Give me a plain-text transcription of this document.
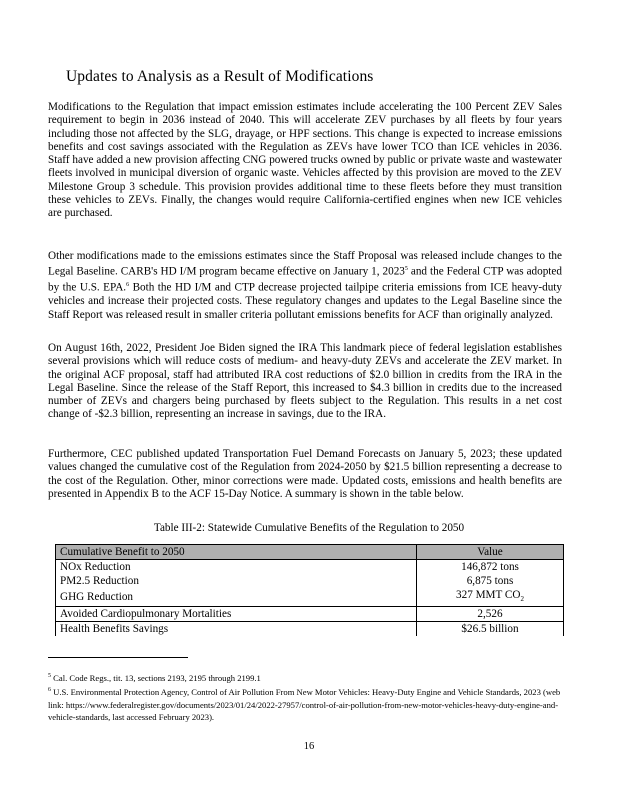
Updates to Analysis as a Result of Modifications

Modifications to the Regulation that impact emission estimates include accelerating the 100 Percent ZEV Sales requirement to begin in 2036 instead of 2040. This will accelerate ZEV purchases by all fleets by four years including those not affected by the SLG, drayage, or HPF sections. This change is expected to increase emissions benefits and cost savings associated with the Regulation as ZEVs have lower TCO than ICE vehicles in 2036. Staff have added a new provision affecting CNG powered trucks owned by public or private waste and wastewater fleets involved in municipal diversion of organic waste. Vehicles affected by this provision are moved to the ZEV Milestone Group 3 schedule. This provision provides additional time to these fleets before they must transition these vehicles to ZEVs. Finally, the changes would require California-certified engines when new ICE vehicles are purchased.

Other modifications made to the emissions estimates since the Staff Proposal was released include changes to the Legal Baseline. CARB's HD I/M program became effective on January 1, 2023$^5$ and the Federal CTP was adopted by the U.S. EPA.$^6$ Both the HD I/M and CTP decrease projected tailpipe criteria emissions from ICE heavy-duty vehicles and increase their projected costs. These regulatory changes and updates to the Legal Baseline since the Staff Report was released result in smaller criteria pollutant emissions benefits for ACF than originally analyzed.

On August 16th, 2022, President Joe Biden signed the IRA This landmark piece of federal legislation establishes several provisions which will reduce costs of medium- and heavy-duty ZEVs and accelerate the ZEV market. In the original ACF proposal, staff had attributed IRA cost reductions of $2.0 billion in credits from the IRA in the Legal Baseline. Since the release of the Staff Report, this increased to $4.3 billion in credits due to the increased number of ZEVs and chargers being purchased by fleets subject to the Regulation. This results in a net cost change of -$2.3 billion, representing an increase in savings, due to the IRA.

Furthermore, CEC published updated Transportation Fuel Demand Forecasts on January 5, 2023; these updated values changed the cumulative cost of the Regulation from 2024-2050 by $21.5 billion representing a decrease to the cost of the Regulation. Other, minor corrections were made. Updated costs, emissions and health benefits are presented in Appendix B to the ACF 15-Day Notice. A summary is shown in the table below.

Table III-2: Statewide Cumulative Benefits of the Regulation to 2050
Cumulative Benefit to 2050	Value
NOx Reduction	146,872 tons
PM2.5 Reduction	6,875 tons
GHG Reduction	327 MMT $CO_2$
Avoided Cardiopulmonary Mortalities	2,526
Health Benefits Savings	$26.5 billion

$^5$ Cal. Code Regs., tit. 13, sections 2193, 2195 through 2199.1

$^6$ U.S. Environmental Protection Agency, Control of Air Pollution From New Motor Vehicles: Heavy-Duty Engine and Vehicle Standards, 2023 (web link: https://www.federalregister.gov/documents/2023/01/24/2022-27957/control-of-air-pollution-from-new-motor-vehicles-heavy-duty-engine-and-vehicle-standards, last accessed February 2023).

16
